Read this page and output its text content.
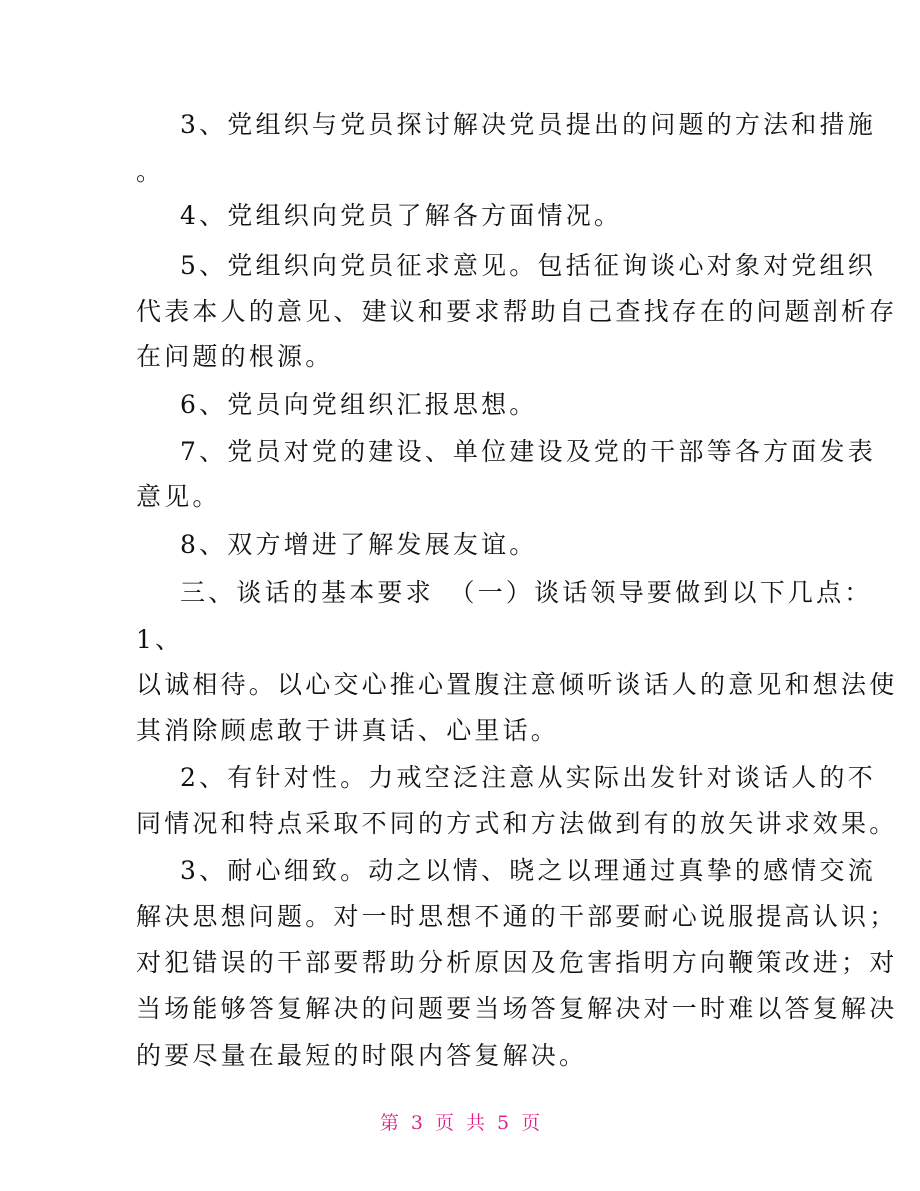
3、党组织与党员探讨解决党员提出的问题的方法和措施
。
4、党组织向党员了解各方面情况。
5、党组织向党员征求意见。包括征询谈心对象对党组织
代表本人的意见、建议和要求帮助自己查找存在的问题剖析存
在问题的根源。
6、党员向党组织汇报思想。
7、党员对党的建设、单位建设及党的干部等各方面发表
意见。
8、双方增进了解发展友谊。
三、谈话的基本要求　（一）谈话领导要做到以下几点：
1、
以诚相待。以心交心推心置腹注意倾听谈话人的意见和想法使
其消除顾虑敢于讲真话、心里话。
2、有针对性。力戒空泛注意从实际出发针对谈话人的不
同情况和特点采取不同的方式和方法做到有的放矢讲求效果。
3、耐心细致。动之以情、晓之以理通过真挚的感情交流
解决思想问题。对一时思想不通的干部要耐心说服提高认识；
对犯错误的干部要帮助分析原因及危害指明方向鞭策改进；对
当场能够答复解决的问题要当场答复解决对一时难以答复解决
的要尽量在最短的时限内答复解决。
第 3 页 共 5 页
